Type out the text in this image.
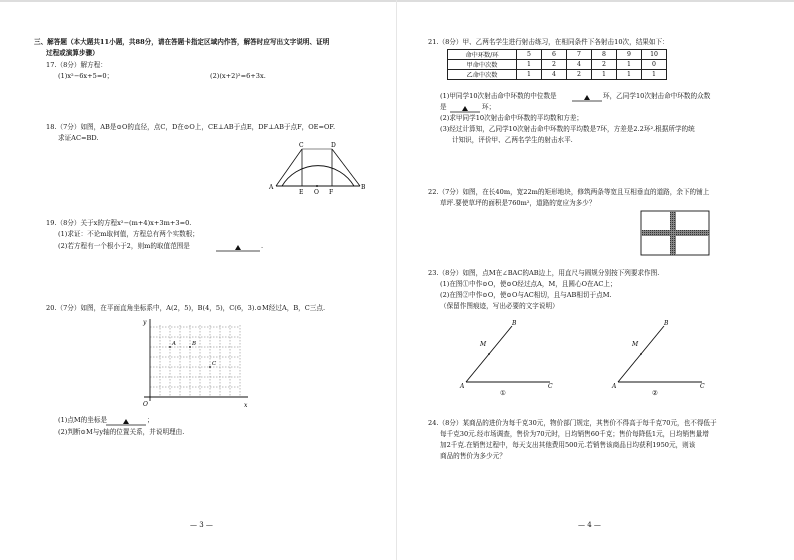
三、解答题（本大题共11小题，共88分，请在答题卡指定区域内作答，解答时应写出文字说明、证明
过程或演算步骤）
17.（8分）解方程：
(1)x²−6x+5=0；	(2)(x+2)²=6+3x.
18.（7分）如图，AB是⊙O的直径，点C，D在⊙O上，CE⊥AB于点E，DF⊥AB于点F，OE=OF.
求证AC=BD.
C	D
A
E O F
B
19.（8分）关于x的方程x²−(m+4)x+3m+3=0.
(1)求证：不论m取何值，方程总有两个实数根；
(2)若方程有一个根小于2，则m的取值范围是	.
20.（7分）如图，在平面直角坐标系中，A(2，5)，B(4，5)，C(6，3).⊙M经过A，B，C三点.
y
x
O
A	B
C
(1)点M的坐标是	；
(2)判断⊙M与y轴的位置关系，并说明理由.
— 3 —
21.（8分）甲、乙两名学生进行射击练习，在相同条件下各射击10次，结果如下：
命中环数/环	5	6	7	8	9	10
甲命中次数	1	2	4	2	1	0
乙命中次数	1	4	2	1	1	1
(1)甲同学10次射击命中环数的中位数是	环，乙同学10次射击命中环数的众数
是	环；
(2)求甲同学10次射击命中环数的平均数和方差；
(3)经过计算知，乙同学10次射击命中环数的平均数是7环，方差是2.2环².根据所学的统
计知识，评价甲、乙两名学生的射击水平.
22.（7分）如图，在长40m，宽22m的矩形地块，修筑两条等宽且互相垂直的道路，余下的铺上
草坪.要使草坪的面积是760m²，道路的宽应为多少？
23.（8分）如图，点M在∠BAC的AB边上，用直尺与圆规分别按下列要求作图.
(1)在图①中作⊙O，使⊙O经过点A，M，且圆心O在AC上；
(2)在图②中作⊙O，使⊙O与AC相切，且与AB相切于点M.
（保留作图痕迹，写出必要的文字说明）
A
B
C
M
①
A
B
C
M
②
24.（8分）某商品的进价为每千克30元，物价部门规定，其售价不得高于每千克70元，也不得低于
每千克30元.经市场调查，售价为70元时，日均销售60千克；售价每降低1元，日均销售量增
加2千克.在销售过程中，每天支出其他费用500元.若销售该商品日均获利1950元，则该
商品的售价为多少元？
— 4 —
